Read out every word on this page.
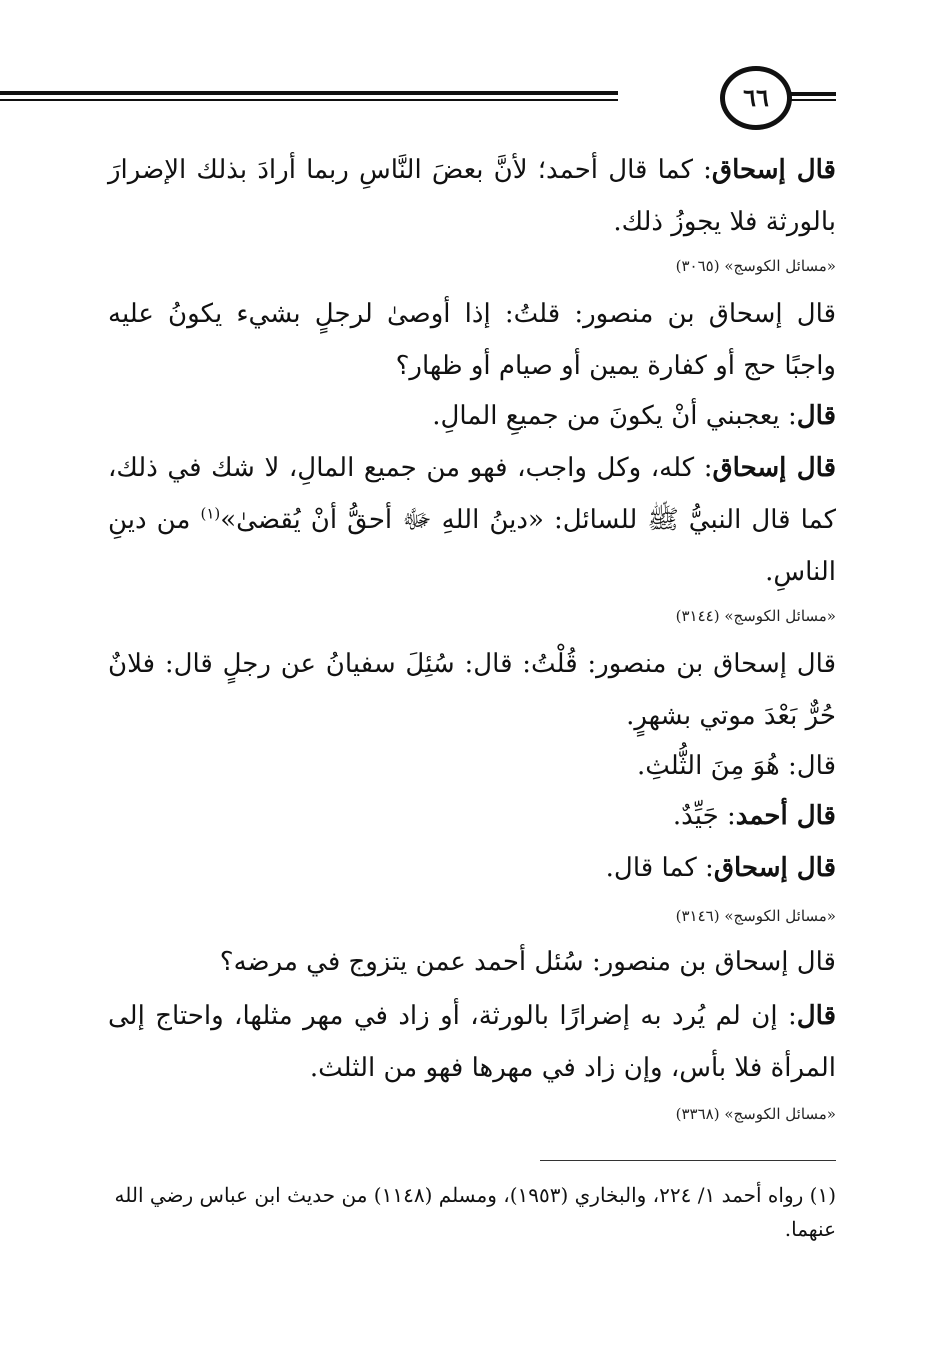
٦٦
قال إسحاق: كما قال أحمد؛ لأنَّ بعضَ النَّاسِ ربما أرادَ بذلك الإضرارَ بالورثة فلا يجوزُ ذلك.
«مسائل الكوسج» (٣٠٦٥)
قال إسحاق بن منصور: قلتُ: إذا أوصىٰ لرجلٍ بشيء يكونُ عليه واجبًا حج أو كفارة يمين أو صيام أو ظهار؟
قال: يعجبني أنْ يكونَ من جميعِ المالِ.
قال إسحاق: كله، وكل واجب، فهو من جميع المالِ، لا شك في ذلك، كما قال النبيُّ ﷺ للسائل: «دينُ اللهِ ﷻ أحقُّ أنْ يُقضىٰ»$^{(١)}$ من دينِ الناسِ.
«مسائل الكوسج» (٣١٤٤)
قال إسحاق بن منصور: قُلْتُ: قال: سُئِلَ سفيانُ عن رجلٍ قال: فلانٌ حُرٌّ بَعْدَ موتي بشهرٍ.
قال: هُوَ مِنَ الثُّلثِ.
قال أحمد: جَيِّدٌ.
قال إسحاق: كما قال.
«مسائل الكوسج» (٣١٤٦)
قال إسحاق بن منصور: سُئل أحمد عمن يتزوج في مرضه؟
قال: إن لم يُرد به إضرارًا بالورثة، أو زاد في مهر مثلها، واحتاج إلى المرأة فلا بأس، وإن زاد في مهرها فهو من الثلث.
«مسائل الكوسج» (٣٣٦٨)
(١) رواه أحمد ١/ ٢٢٤، والبخاري (١٩٥٣)، ومسلم (١١٤٨) من حديث ابن عباس رضي الله عنهما.
